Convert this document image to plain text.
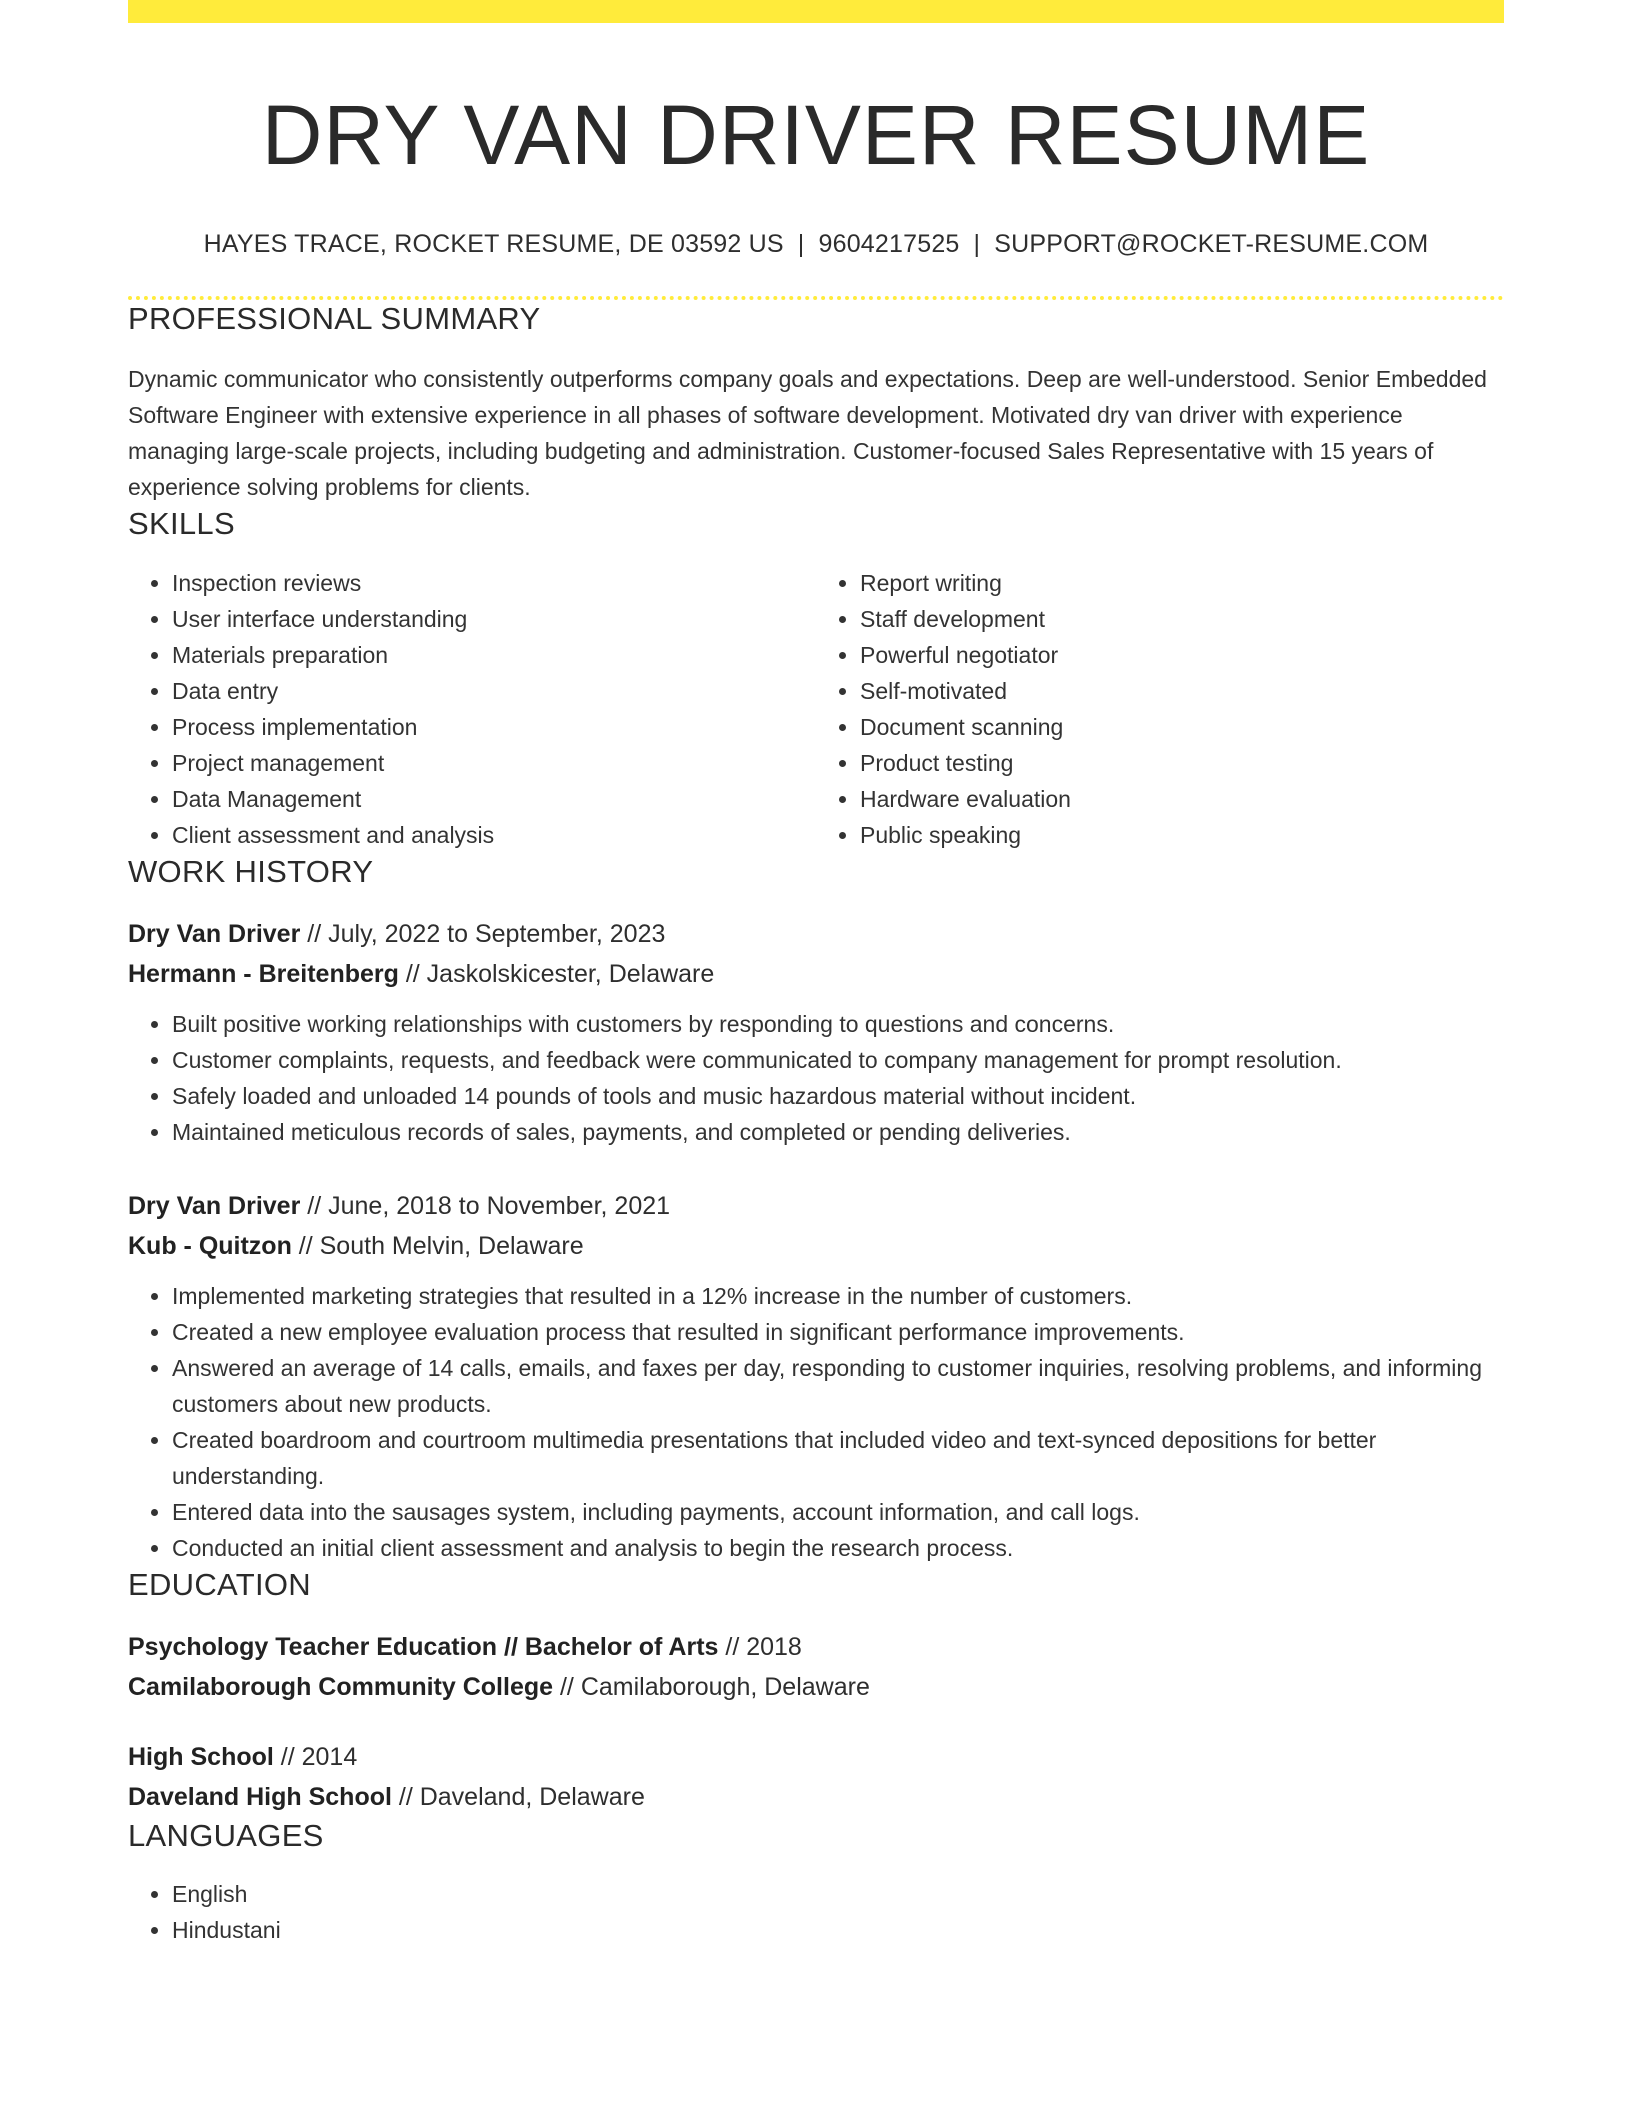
DRY VAN DRIVER RESUME
HAYES TRACE, ROCKET RESUME, DE 03592 US | 9604217525 | SUPPORT@ROCKET-RESUME.COM
PROFESSIONAL SUMMARY

Dynamic communicator who consistently outperforms company goals and expectations. Deep are well-understood. Senior Embedded Software Engineer with extensive experience in all phases of software development. Motivated dry van driver with experience managing large-scale projects, including budgeting and administration. Customer-focused Sales Representative with 15 years of experience solving problems for clients.

SKILLS
• Inspection reviews
• User interface understanding
• Materials preparation
• Data entry
• Process implementation
• Project management
• Data Management
• Client assessment and analysis
• Report writing
• Staff development
• Powerful negotiator
• Self-motivated
• Document scanning
• Product testing
• Hardware evaluation
• Public speaking
WORK HISTORY
Dry Van Driver // July, 2022 to September, 2023
Hermann - Breitenberg // Jaskolskicester, Delaware
• Built positive working relationships with customers by responding to questions and concerns.
• Customer complaints, requests, and feedback were communicated to company management for prompt resolution.
• Safely loaded and unloaded 14 pounds of tools and music hazardous material without incident.
• Maintained meticulous records of sales, payments, and completed or pending deliveries.
Dry Van Driver // June, 2018 to November, 2021
Kub - Quitzon // South Melvin, Delaware
• Implemented marketing strategies that resulted in a 12% increase in the number of customers.
• Created a new employee evaluation process that resulted in significant performance improvements.
• Answered an average of 14 calls, emails, and faxes per day, responding to customer inquiries, resolving problems, and informing customers about new products.
• Created boardroom and courtroom multimedia presentations that included video and text-synced depositions for better understanding.
• Entered data into the sausages system, including payments, account information, and call logs.
• Conducted an initial client assessment and analysis to begin the research process.
EDUCATION
Psychology Teacher Education // Bachelor of Arts // 2018
Camilaborough Community College // Camilaborough, Delaware
High School // 2014
Daveland High School // Daveland, Delaware
LANGUAGES
• English
• Hindustani
